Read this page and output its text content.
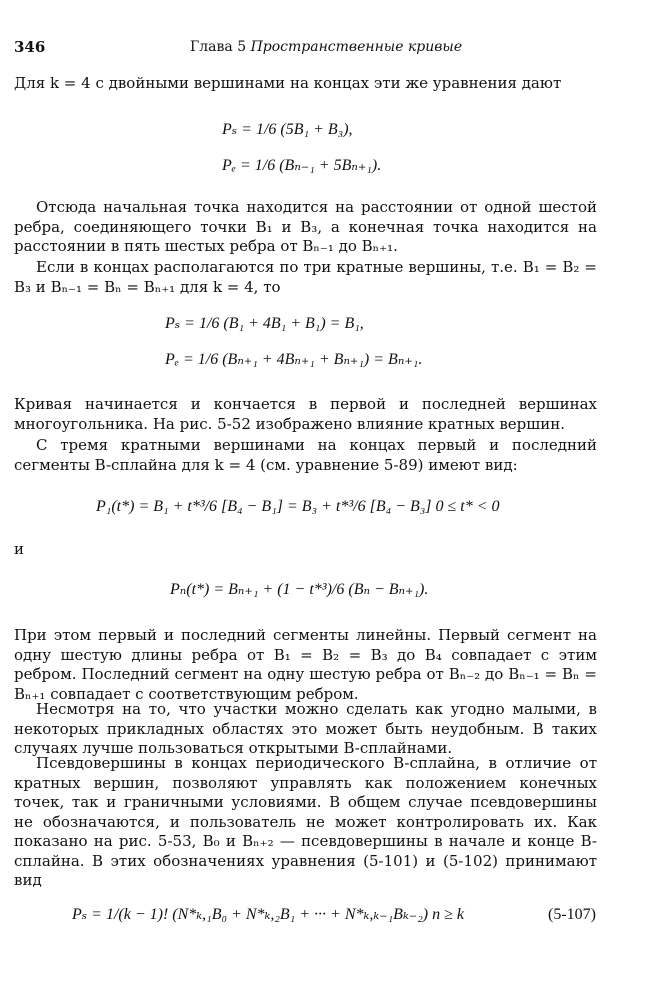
346	Глава 5 Пространственные кривые
Для k = 4 с двойными вершинами на концах эти же уравнения дают
Pₛ = 1/6 (5B₁ + B₃),
Pₑ = 1/6 (Bₙ₋₁ + 5Bₙ₊₁).
Отсюда начальная точка находится на расстоянии от одной шестой ребра, соединяющего точки B₁ и B₃, а конечная точка находится на расстоянии в пять шестых ребра от Bₙ₋₁ до Bₙ₊₁.
Если в концах располагаются по три кратные вершины, т.е. B₁ = B₂ = B₃ и Bₙ₋₁ = Bₙ = Bₙ₊₁ для k = 4, то
Pₛ = 1/6 (B₁ + 4B₁ + B₁) = B₁,
Pₑ = 1/6 (Bₙ₊₁ + 4Bₙ₊₁ + Bₙ₊₁) = Bₙ₊₁.
Кривая начинается и кончается в первой и последней вершинах многоугольника. На рис. 5-52 изображено влияние кратных вершин.
С тремя кратными вершинами на концах первый и последний сегменты B-сплайна для k = 4 (см. уравнение 5-89) имеют вид:
P₁(t*) = B₁ + t*³/6 [B₄ − B₁] = B₃ + t*³/6 [B₄ − B₃] 0 ≤ t* < 0
и
Pₙ(t*) = Bₙ₊₁ + (1 − t*³)/6 (Bₙ − Bₙ₊₁).
При этом первый и последний сегменты линейны. Первый сегмент на одну шестую длины ребра от B₁ = B₂ = B₃ до B₄ совпадает с этим ребром. Последний сегмент на одну шестую ребра от Bₙ₋₂ до Bₙ₋₁ = Bₙ = Bₙ₊₁ совпадает с соответствующим ребром.
Несмотря на то, что участки можно сделать как угодно малыми, в некоторых прикладных областях это может быть неудобным. В таких случаях лучше пользоваться открытыми B-сплайнами.
Псевдовершины в концах периодического B-сплайна, в отличие от кратных вершин, позволяют управлять как положением конечных точек, так и граничными условиями. В общем случае псевдовершины не обозначаются, и пользователь не может контролировать их. Как показано на рис. 5-53, B₀ и Bₙ₊₂ — псевдовершины в начале и конце B-сплайна. В этих обозначениях уравнения (5-101) и (5-102) принимают вид
Pₛ = 1/(k − 1)! (N*ₖ,₁B₀ + N*ₖ,₂B₁ + ··· + N*ₖ,ₖ₋₁Bₖ₋₂) n ≥ k	(5-107)
